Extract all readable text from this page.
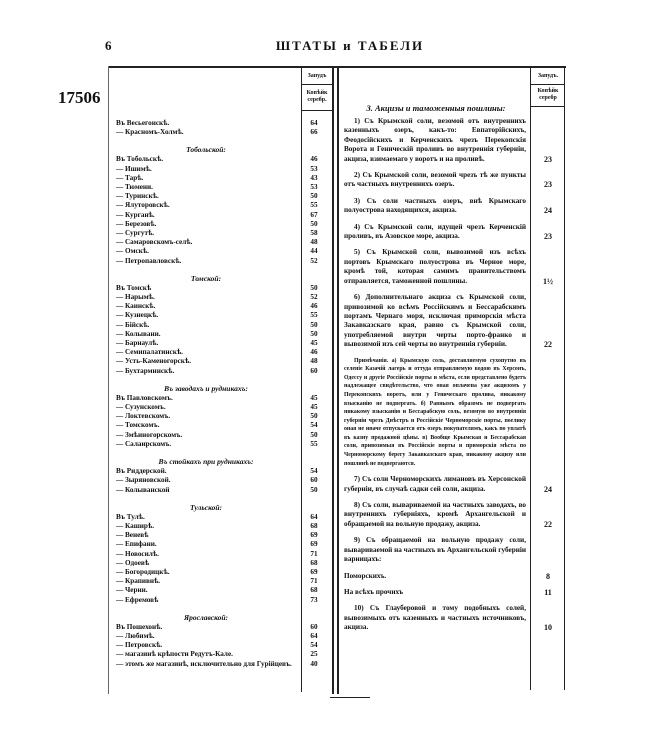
6	ШТАТЫ и ТАБЕЛИ
17506
Запудъ
Копѣйк серебр.
Запудъ.
Копѣйк серебр
Въ Весьегонскѣ.	64
— Красномъ-Холмѣ.	66
Тобольской:
Въ Тобольскѣ.	46
— Ишимѣ.	53
— Тарѣ.	43
— Тюмени.	53
— Туринскѣ.	50
— Ялуторовскѣ.	55
— Курганѣ.	67
— Березовѣ.	50
— Сургутѣ.	58
— Самаровскомъ-селѣ.	48
— Омскѣ.	44
— Петропавловскѣ.	52
Томской:
Въ Томскѣ	50
— Нарымѣ.	52
— Каинскѣ.	46
— Кузнецкѣ.	55
— Бійскѣ.	50
— Колывани.	50
— Барнаулѣ.	45
— Семипалатинскѣ.	46
— Усть-Каменогорскѣ.	48
— Бухтарминскѣ.	60
Въ заводахъ и рудникахъ:
Въ Павловскомъ.	45
— Сузунскомъ.	45
— Локтевскомъ.	50
— Томскомъ.	54
— Змѣиногорскомъ.	50
— Салаирскомъ.	55
Въ стойкахъ при рудникахъ:
Въ Риддерской.	54
— Зыряновской.	60
— Колыванской	50
Тульской:
Въ Тулѣ.	64
— Каширѣ.	68
— Веневѣ	69
— Епифани.	69
— Новосилѣ.	71
— Одоевѣ	68
— Богородицкѣ.	69
— Крапивнѣ.	71
— Черни.	68
— Ефремовѣ	73
Ярославской:
Въ Пошехонѣ.	60
— Любимѣ.	64
— Петровскѣ.	54
— магазинѣ крѣпости Редутъ-Кале.	25
— этомъ же магазинѣ, исключительно для Гурійцевъ.	40
3. Акцизы и таможенныя пошлины:
1) Съ Крымской соли, везомой отъ внутреннихъ казенныхъ озеръ, какъ-то: Евпаторійскихъ, Феодосійскихъ и Керченскихъ чрезъ Перекопскія Ворота и Геническій проливъ во внутреннія губерніи, акциза, взимаемаго у воротъ и на проливѣ.	23
2) Съ Крымской соли, везомой чрезъ тѣ же пункты отъ частныхъ внутреннихъ озеръ.	23
3) Съ соли частныхъ озеръ, внѣ Крымскаго полуострова находящихся, акциза.	24
4) Съ Крымской соли, идущей чрезъ Керченскій проливъ, въ Азовское море, акциза.	23
5) Съ Крымской соли, вывозимой изъ всѣхъ портовъ Крымскаго полуострова въ Черное море, кромѣ той, которая самимъ правительствомъ отправляется, таможенной пошлины.	1½
6) Дополнительнаго акциза съ Крымской соли, привозимой ко всѣмъ Россійскимъ и Бессарабскимъ портамъ Чернаго моря, исключая приморскія мѣста Закавказскаго края, равно съ Крымской соли, употребляемой внутри черты порто-франко и вывозимой изъ сей черты во внутреннія губерніи.	22
Примѣчанія. а) Крымскую соль, доставляемую сухопутно въ селеніе Казачій лагерь и оттуда отправляемую водою въ Херсонъ, Одессу и другіе Россійскіе порты и мѣста, если представлено будетъ надлежащее свидѣтельство, что оная оплачена уже акцизомъ у Перекопскихъ воротъ, или у Геническаго пролива, никакому взысканію не подвергать. б) Равнымъ образомъ не подвергать никакому взысканію и Бессарабскую соль, везомую во внутреннія губерніи чрезъ Днѣстръ и Россійскіе Черноморскіе порты, поелику оная не иначе отпускается отъ озеръ покупателямъ, какъ по уплатѣ въ казну продажной цѣны. в) Вообще Крымская и Бессарабская соли, привозимыя въ Россійскіе порты и приморскія мѣста по Черноморскому берегу Закавказскаго края, никакому акцизу или пошлинѣ не подвергаются.
7) Съ соли Черноморскихъ лимановъ въ Херсонской губерніи, въ случаѣ садки сей соли, акциза.	24
8) Съ соли, вывариваемой на частныхъ заводахъ, во внутреннихъ губерніяхъ, кромѣ Архангельской и обращаемой на вольную продажу, акциза.	22
9) Съ обращаемой на вольную продажу соли, вывариваемой на частныхъ въ Архангельской губерніи варницахъ:
Поморскихъ.	8
На всѣхъ прочихъ	11
10) Съ Глауберовой и тому подобныхъ солей, вывозимыхъ отъ казенныхъ и частныхъ источниковъ, акциза.	10
